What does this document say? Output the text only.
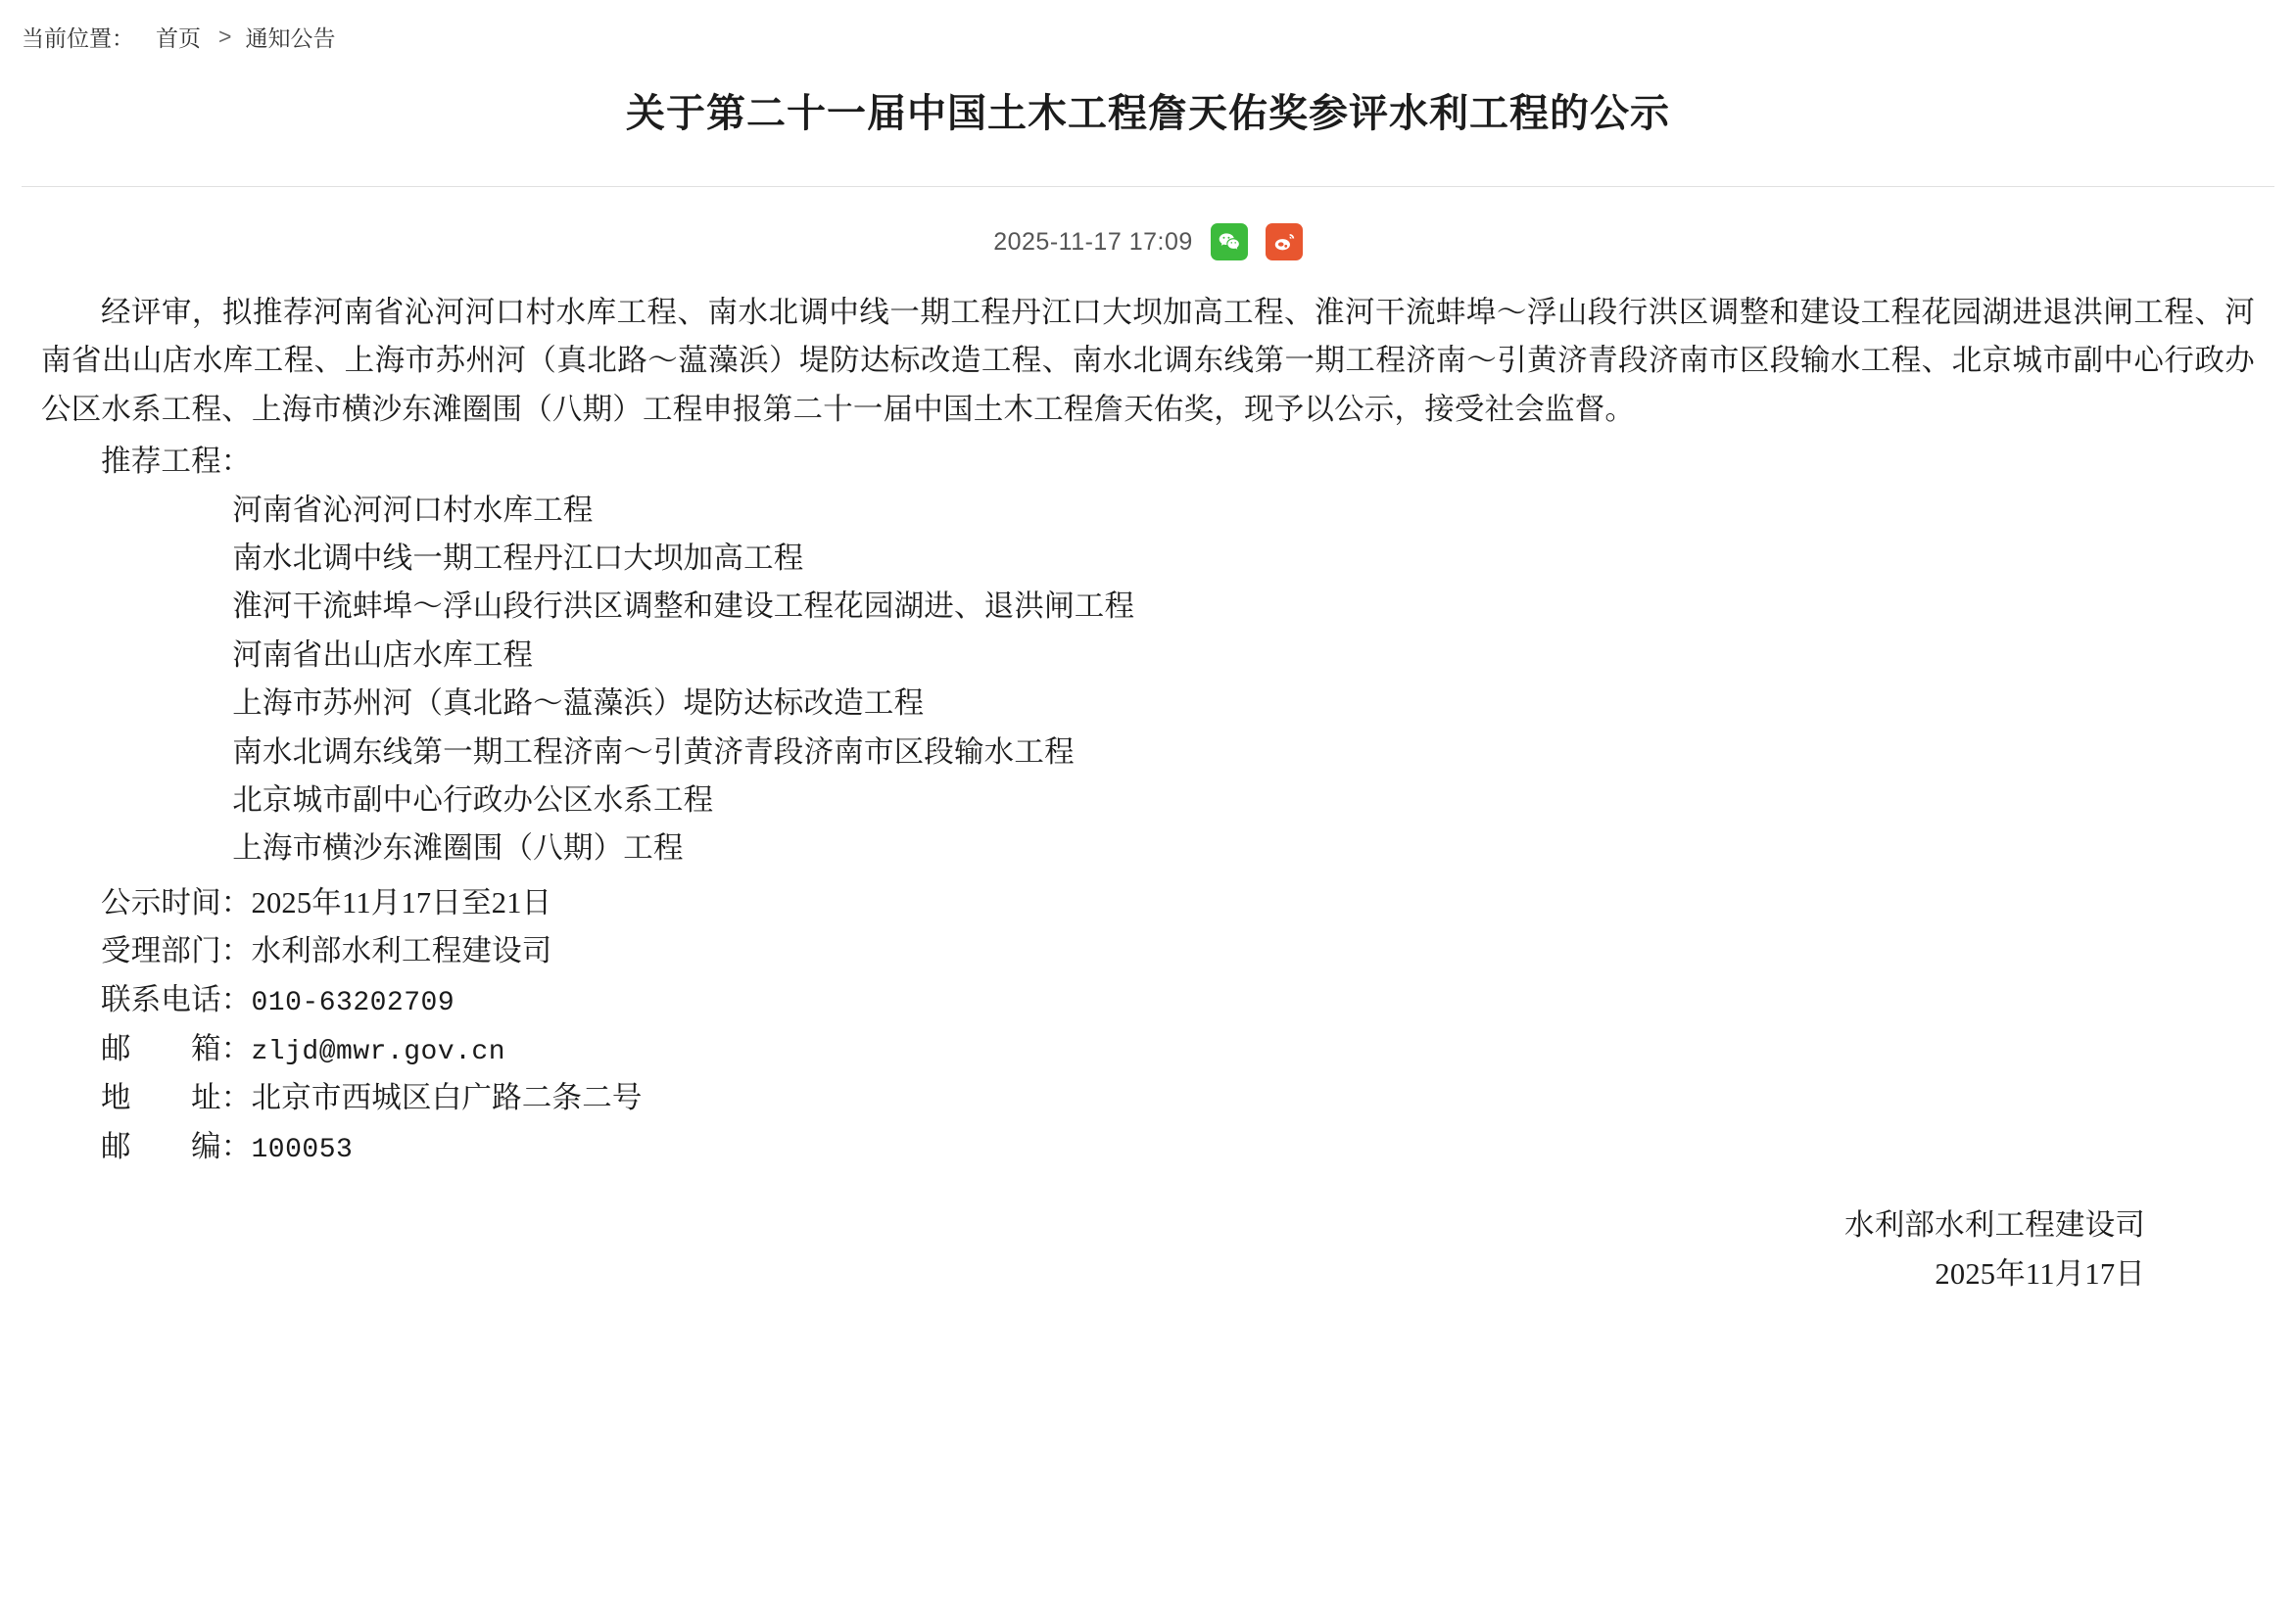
当前位置： 首页 > 通知公告
关于第二十一届中国土木工程詹天佑奖参评水利工程的公示
2025-11-17 17:09

经评审，拟推荐河南省沁河河口村水库工程、南水北调中线一期工程丹江口大坝加高工程、淮河干流蚌埠～浮山段行洪区调整和建设工程花园湖进退洪闸工程、河南省出山店水库工程、上海市苏州河（真北路～蕰藻浜）堤防达标改造工程、南水北调东线第一期工程济南～引黄济青段济南市区段输水工程、北京城市副中心行政办公区水系工程、上海市横沙东滩圈围（八期）工程申报第二十一届中国土木工程詹天佑奖，现予以公示，接受社会监督。

推荐工程：

河南省沁河河口村水库工程

南水北调中线一期工程丹江口大坝加高工程

淮河干流蚌埠～浮山段行洪区调整和建设工程花园湖进、退洪闸工程

河南省出山店水库工程

上海市苏州河（真北路～蕰藻浜）堤防达标改造工程

南水北调东线第一期工程济南～引黄济青段济南市区段输水工程

北京城市副中心行政办公区水系工程

上海市横沙东滩圈围（八期）工程

公示时间：2025年11月17日至21日

受理部门：水利部水利工程建设司

联系电话：010-63202709

邮　　箱：zljd@mwr.gov.cn

地　　址：北京市西城区白广路二条二号

邮　　编：100053

水利部水利工程建设司
2025年11月17日
